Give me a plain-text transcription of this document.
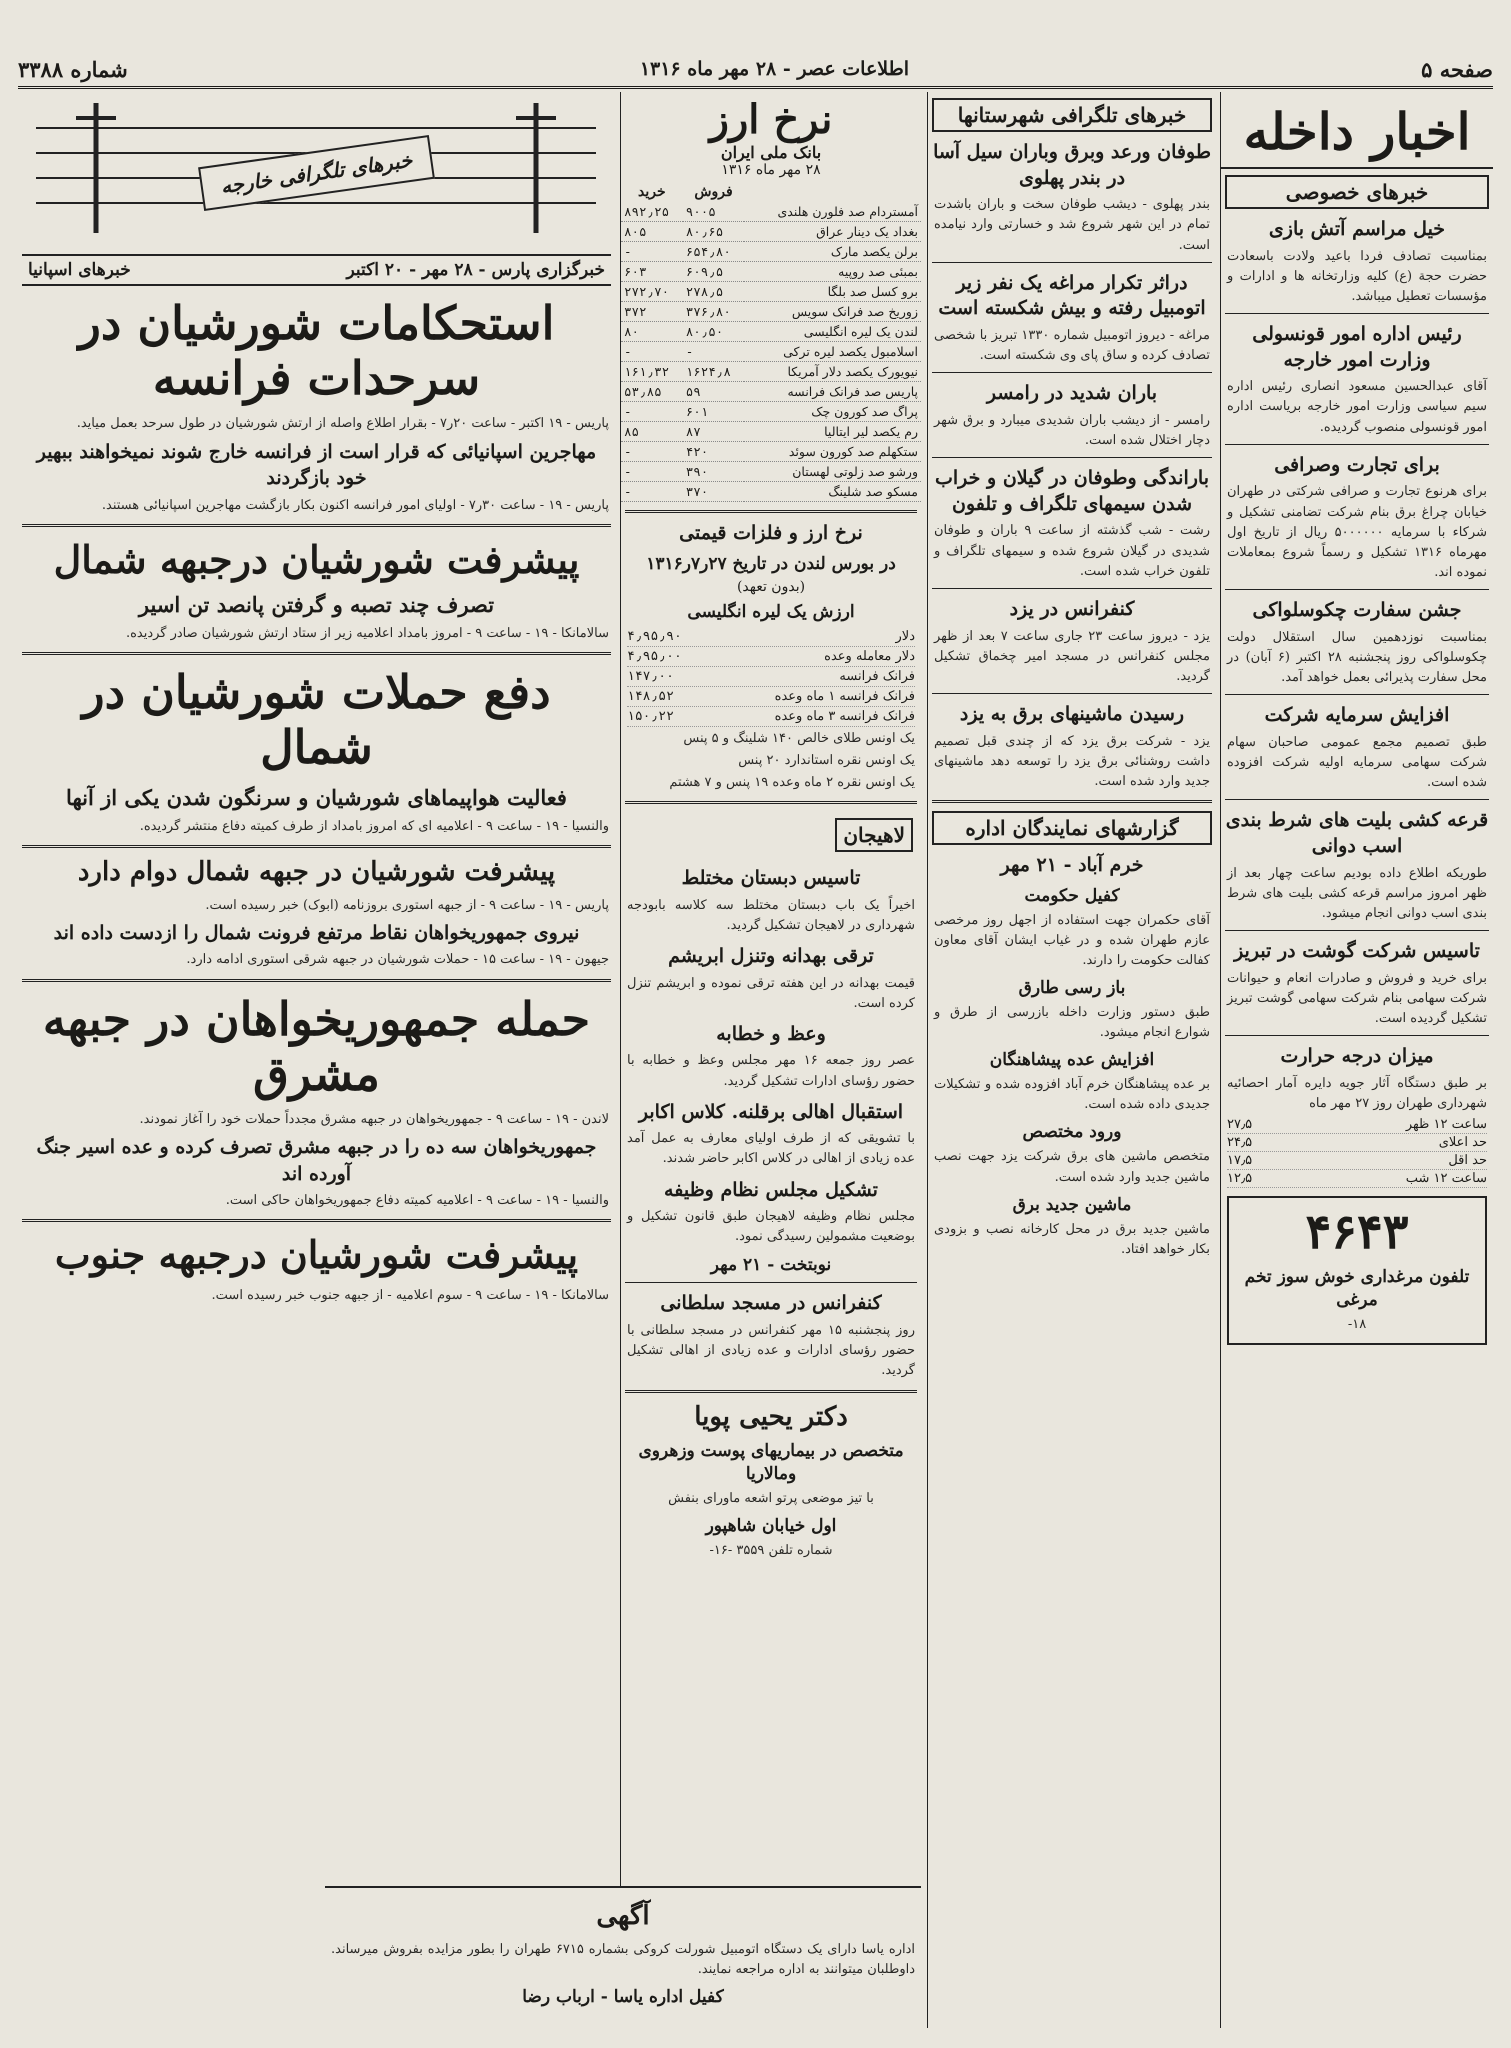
صفحه ۵
اطلاعات عصر - ۲۸ مهر ماه ۱۳۱۶
شماره ۳۳۸۸
اخبار داخله
خبرهای خصوصی
خیل مراسم آتش بازی
بمناسبت تصادف فردا باعید ولادت باسعادت حضرت حجة (ع) کلیه وزارتخانه ها و ادارات و مؤسسات تعطیل میباشد.
رئیس اداره امور قونسولی وزارت امور خارجه
آقای عبدالحسین مسعود انصاری رئیس اداره سیم سیاسی وزارت امور خارجه بریاست اداره امور قونسولی منصوب گردیده.
برای تجارت وصرافی
برای هرنوع تجارت و صرافی شرکتی در طهران خیابان چراغ برق بنام شرکت تضامنی تشکیل و شرکاء با سرمایه ۵۰۰۰۰۰۰ ریال از تاریخ اول مهرماه ۱۳۱۶ تشکیل و رسماً شروع بمعاملات نموده اند.
جشن سفارت چکوسلواکی
بمناسبت نوزدهمین سال استقلال دولت چکوسلواکی روز پنجشنبه ۲۸ اکتبر (۶ آبان) در محل سفارت پذیرائی بعمل خواهد آمد.
افزایش سرمایه شرکت
طبق تصمیم مجمع عمومی صاحبان سهام شرکت سهامی سرمایه اولیه شرکت افزوده شده است.
قرعه کشی بلیت های شرط بندی اسب دوانی
طوریکه اطلاع داده بودیم ساعت چهار بعد از ظهر امروز مراسم قرعه کشی بلیت های شرط بندی اسب دوانی انجام میشود.
تاسیس شرکت گوشت در تبریز
برای خرید و فروش و صادرات انعام و حیوانات شرکت سهامی بنام شرکت سهامی گوشت تبریز تشکیل گردیده است.
میزان درجه حرارت
بر طبق دستگاه آثار جویه دایره آمار احصائیه شهرداری طهران روز ۲۷ مهر ماه
ساعت ۱۲ ظهر
۲۷٫۵
حد اعلای
۲۴٫۵
حد اقل
۱۷٫۵
ساعت ۱۲ شب
۱۲٫۵
۴۶۴۳
تلفون مرغداری خوش سوز تخم مرغی
۱۸-
خبرهای تلگرافی شهرستانها
طوفان ورعد وبرق وباران سیل آسا در بندر پهلوی
بندر پهلوی - دیشب طوفان سخت و باران باشدت تمام در این شهر شروع شد و خسارتی وارد نیامده است.
دراثر تکرار مراغه یک نفر زیر اتومبیل رفته و بیش شکسته است
مراغه - دیروز اتومبیل شماره ۱۳۳۰ تبریز با شخصی تصادف کرده و ساق پای وی شکسته است.
باران شدید در رامسر
رامسر - از دیشب باران شدیدی میبارد و برق شهر دچار اختلال شده است.
باراندگی وطوفان در گیلان و خراب شدن سیمهای تلگراف و تلفون
رشت - شب گذشته از ساعت ۹ باران و طوفان شدیدی در گیلان شروع شده و سیمهای تلگراف و تلفون خراب شده است.
کنفرانس در یزد
یزد - دیروز ساعت ۲۳ جاری ساعت ۷ بعد از ظهر مجلس کنفرانس در مسجد امیر چخماق تشکیل گردید.
رسیدن ماشینهای برق به یزد
یزد - شرکت برق یزد که از چندی قبل تصمیم داشت روشنائی برق یزد را توسعه دهد ماشینهای جدید وارد شده است.
گزارشهای نمایندگان اداره
خرم آباد - ۲۱ مهر
کفیل حکومت
آقای حکمران جهت استفاده از اجهل روز مرخصی عازم طهران شده و در غیاب ایشان آقای معاون کفالت حکومت را دارند.
باز رسی طارق
طبق دستور وزارت داخله بازرسی از طرق و شوارع انجام میشود.
افزایش عده پیشاهنگان
بر عده پیشاهنگان خرم آباد افزوده شده و تشکیلات جدیدی داده شده است.
ورود مختصص
متخصص ماشین های برق شرکت یزد جهت نصب ماشین جدید وارد شده است.
ماشین جدید برق
ماشین جدید برق در محل کارخانه نصب و بزودی بکار خواهد افتاد.
نرخ ارز
بانک ملی ایران
۲۸ مهر ماه ۱۳۱۶
	فروش	خرید
آمستردام صد فلورن هلندی	۹۰۰۵	۸۹۲٫۲۵
بغداد یک دینار عراق	۸۰٫۶۵	۸۰۵
برلن یکصد مارک	۶۵۴٫۸۰	-
بمبئی صد روپیه	۶۰۹٫۵	۶۰۳
برو کسل صد بلگا	۲۷۸٫۵	۲۷۲٫۷۰
زوریخ صد فرانک سویس	۳۷۶٫۸۰	۳۷۲
لندن یک لیره انگلیسی	۸۰٫۵۰	۸۰
اسلامبول یکصد لیره ترکی	-	-
نیویورک یکصد دلار آمریکا	۱۶۲۴٫۸	۱۶۱٫۳۲
پاریس صد فرانک فرانسه	۵۹	۵۳٫۸۵
پراگ صد کورون چک	۶۰۱	-
رم یکصد لیر ایتالیا	۸۷	۸۵
ستکهلم صد کورون سوئد	۴۲۰	-
ورشو صد زلوتی لهستان	۳۹۰	-
مسکو صد شلینگ	۳۷۰	-
نرخ ارز و فلزات قیمتی
در بورس لندن در تاریخ ۲۷ر۷ر۱۳۱۶
(بدون تعهد)
ارزش یک لیره انگلیسی
دلار
۴٫۹۵٫۹۰
دلار معامله وعده
۴٫۹۵٫۰۰
فرانک فرانسه
۱۴۷٫۰۰
فرانک فرانسه ۱ ماه وعده
۱۴۸٫۵۲
فرانک فرانسه ۳ ماه وعده
۱۵۰٫۲۲
یک اونس طلای خالص ۱۴۰ شلینگ و ۵ پنس
یک اونس نقره استاندارد ۲۰ پنس
یک اونس نقره ۲ ماه وعده ۱۹ پنس و ۷ هشتم
لاهیجان
تاسیس دبستان مختلط
اخیراً یک باب دبستان مختلط سه کلاسه بابودجه شهرداری در لاهیجان تشکیل گردید.
ترقی بهدانه وتنزل ابریشم
قیمت بهدانه در این هفته ترقی نموده و ابریشم تنزل کرده است.
وعظ و خطابه
عصر روز جمعه ۱۶ مهر مجلس وعظ و خطابه با حضور رؤسای ادارات تشکیل گردید.
استقبال اهالی برقلنه. کلاس اکابر
با تشویقی که از طرف اولیای معارف به عمل آمد عده زیادی از اهالی در کلاس اکابر حاضر شدند.
تشکیل مجلس نظام وظیفه
مجلس نظام وظیفه لاهیجان طبق قانون تشکیل و بوضعیت مشمولین رسیدگی نمود.
نوبتخت - ۲۱ مهر
کنفرانس در مسجد سلطانی
روز پنجشنبه ۱۵ مهر کنفرانس در مسجد سلطانی با حضور رؤسای ادارات و عده زیادی از اهالی تشکیل گردید.
دکتر یحیی پویا
متخصص در بیماریهای پوست وزهروی ومالاریا
با تیز موضعی پرتو اشعه ماورای بنفش
اول خیابان شاهپور
شماره تلفن ۳۵۵۹ -۱۶-
خبرهای تلگرافی خارجه
خبرگزاری پارس - ۲۸ مهر - ۲۰ اکتبر
خبرهای اسپانیا
استحکامات شورشیان در سرحدات فرانسه
پاریس - ۱۹ اکتبر - ساعت ۲۰ر۷ - بقرار اطلاع واصله از ارتش شورشیان در طول سرحد بعمل میاید.
مهاجرین اسپانیائی که قرار است از فرانسه خارج شوند نمیخواهند ببهیر خود بازگردند
پاریس - ۱۹ - ساعت ۳۰ر۷ - اولیای امور فرانسه اکنون بکار بازگشت مهاجرین اسپانیائی هستند.
پیشرفت شورشیان درجبهه شمال
تصرف چند تصبه و گرفتن پانصد تن اسیر
سالامانکا - ۱۹ - ساعت ۹ - امروز بامداد اعلامیه زیر از ستاد ارتش شورشیان صادر گردیده.
دفع حملات شورشیان در شمال
فعالیت هواپیماهای شورشیان و سرنگون شدن یکی از آنها
والنسیا - ۱۹ - ساعت ۹ - اعلامیه ای که امروز بامداد از طرف کمیته دفاع منتشر گردیده.
پیشرفت شورشیان در جبهه شمال دوام دارد
پاریس - ۱۹ - ساعت ۹ - از جبهه استوری بروزنامه (ابوک) خبر رسیده است.
نیروی جمهوریخواهان نقاط مرتفع فرونت شمال را ازدست داده اند
جیهون - ۱۹ - ساعت ۱۵ - حملات شورشیان در جبهه شرقی استوری ادامه دارد.
حمله جمهوریخواهان در جبهه مشرق
لاندن - ۱۹ - ساعت ۹ - جمهوریخواهان در جبهه مشرق مجدداً حملات خود را آغاز نمودند.
جمهوریخواهان سه ده را در جبهه مشرق تصرف کرده و عده اسیر جنگ آورده اند
والنسیا - ۱۹ - ساعت ۹ - اعلامیه کمیته دفاع جمهوریخواهان حاکی است.
پیشرفت شورشیان درجبهه جنوب
سالامانکا - ۱۹ - ساعت ۹ - سوم اعلامیه - از جبهه جنوب خبر رسیده است.
آگهی
اداره یاسا دارای یک دستگاه اتومبیل شورلت کروکی بشماره ۶۷۱۵ طهران را بطور مزایده بفروش میرساند. داوطلبان میتوانند به اداره مراجعه نمایند.
کفیل اداره یاسا - ارباب رضا
